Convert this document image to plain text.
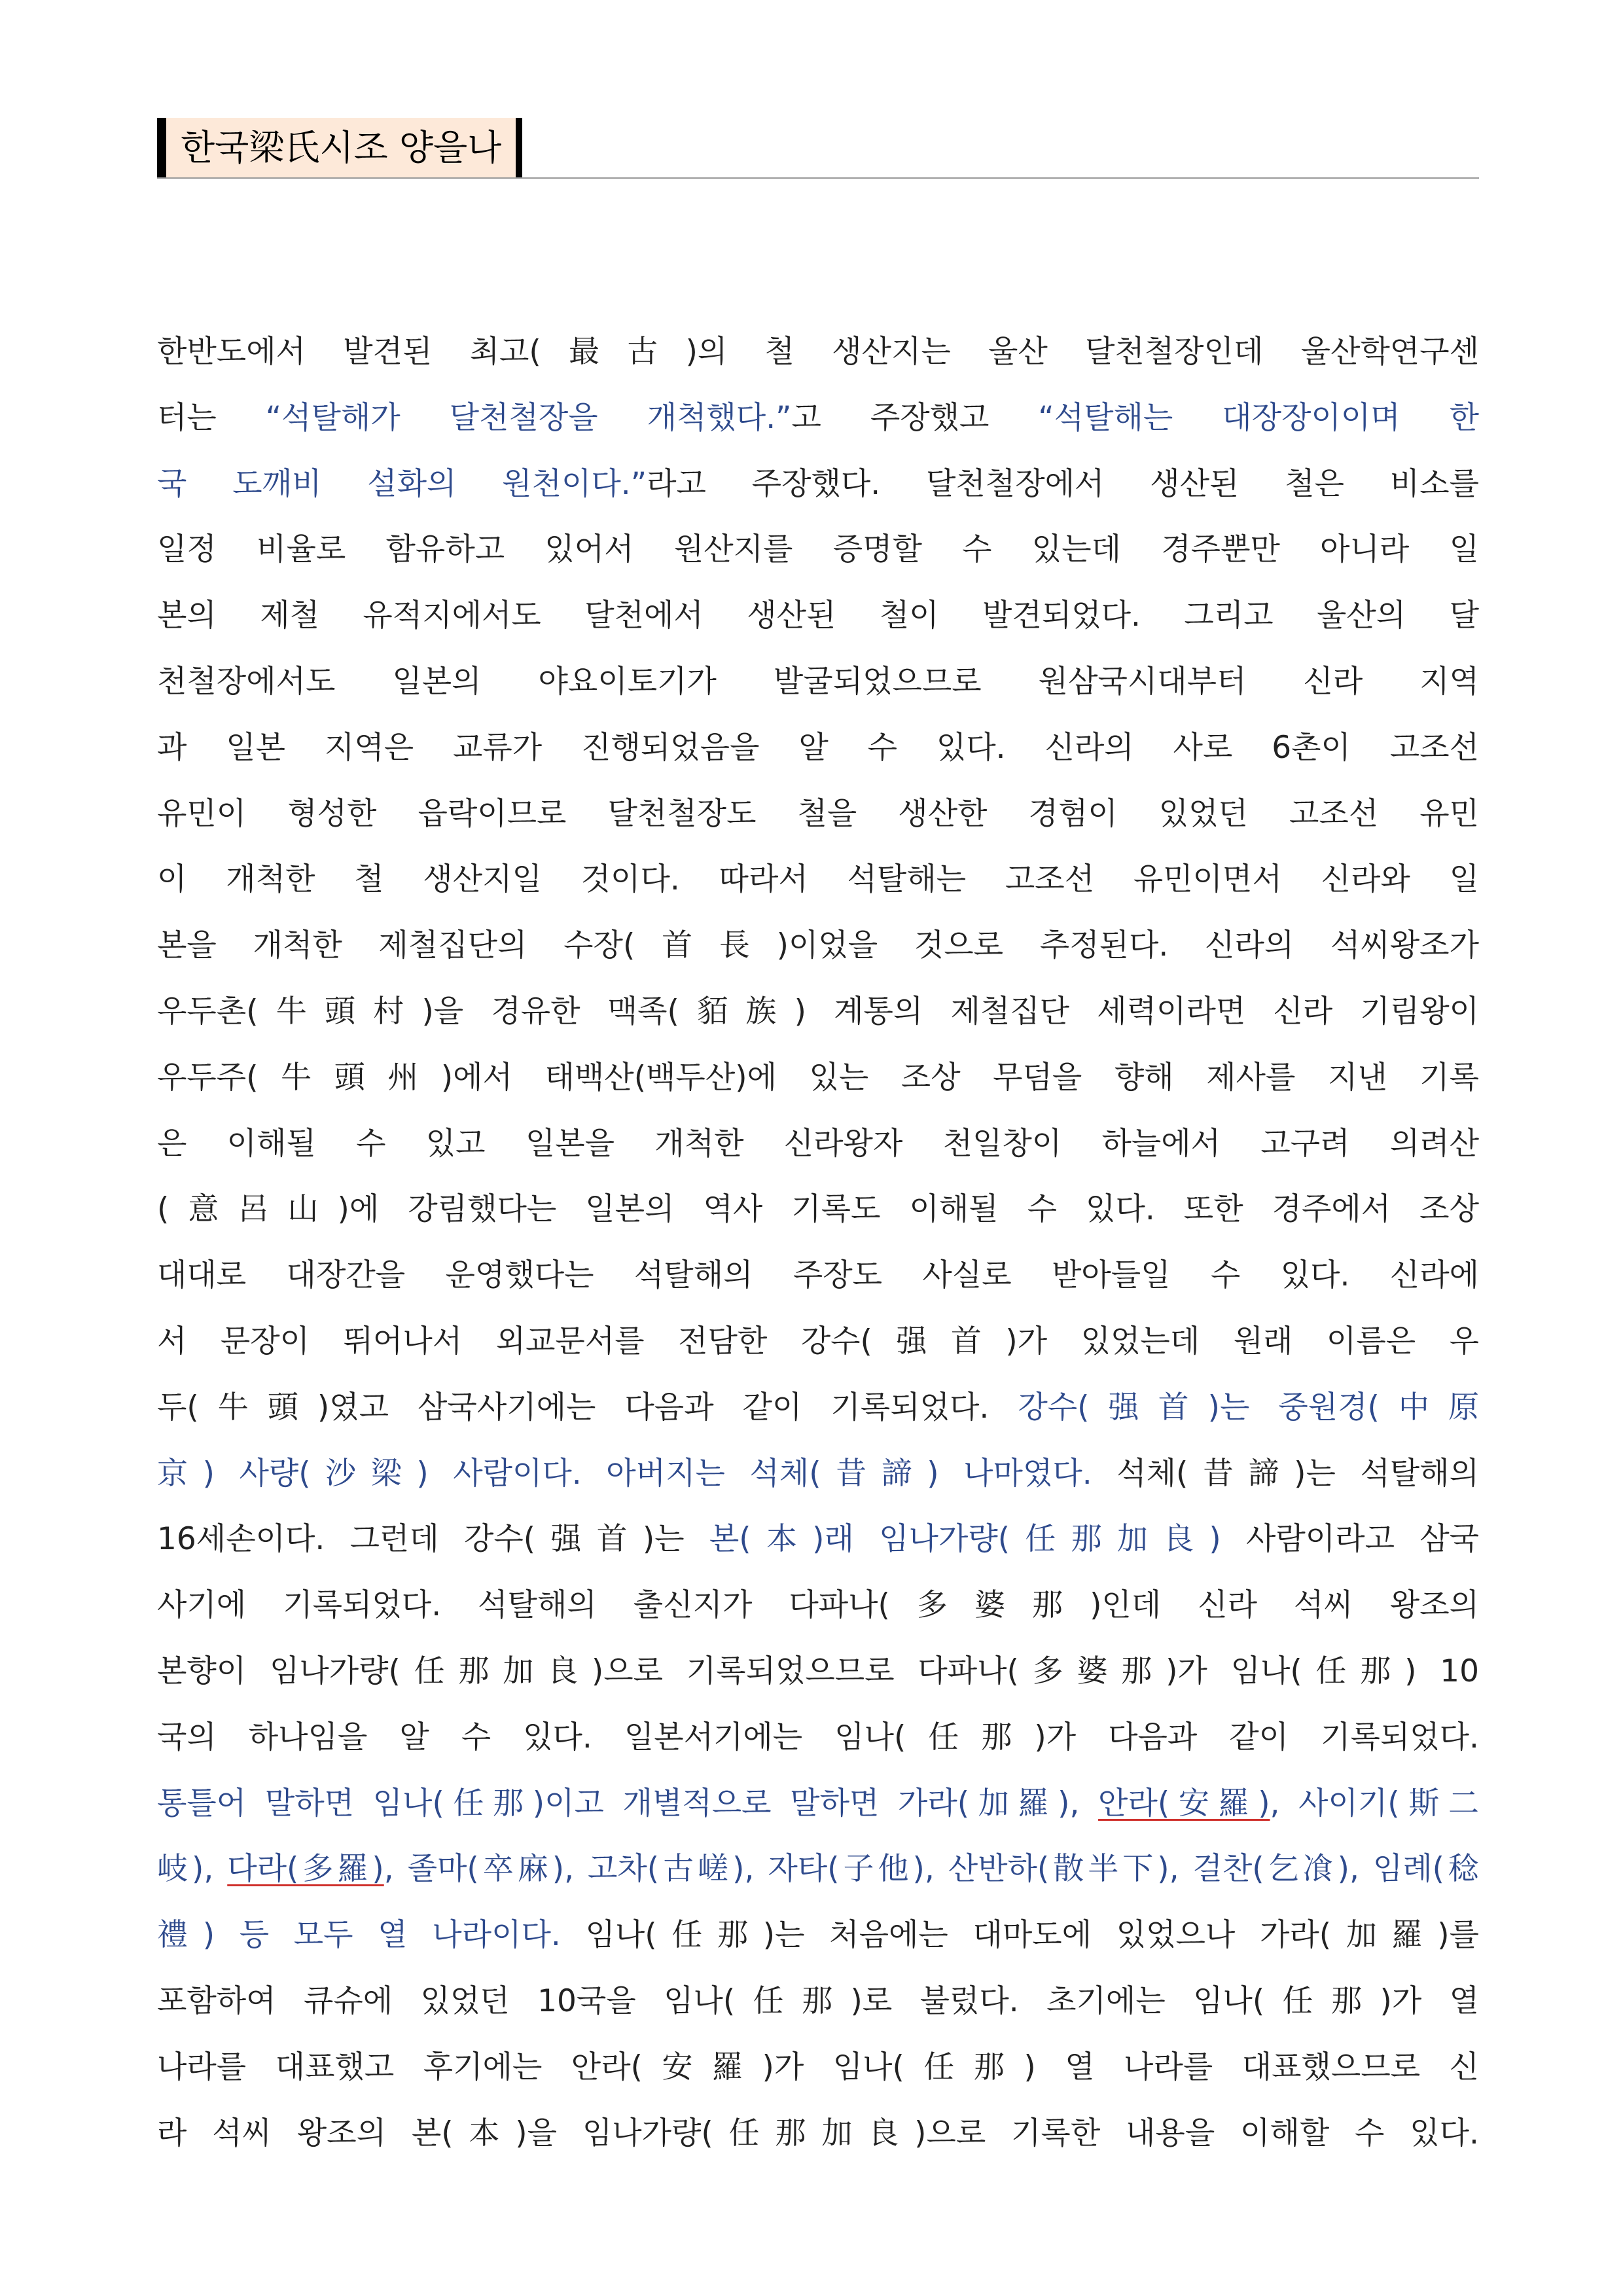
한국梁氏시조 양을나
한반도에서 발견된 최고(最古)의 철 생산지는 울산 달천철장인데 울산학연구센
터는 “석탈해가 달천철장을 개척했다.”고 주장했고 “석탈해는 대장장이이며 한
국 도깨비 설화의 원천이다.”라고 주장했다. 달천철장에서 생산된 철은 비소를
일정 비율로 함유하고 있어서 원산지를 증명할 수 있는데 경주뿐만 아니라 일
본의 제철 유적지에서도 달천에서 생산된 철이 발견되었다. 그리고 울산의 달
천철장에서도 일본의 야요이토기가 발굴되었으므로 원삼국시대부터 신라 지역
과 일본 지역은 교류가 진행되었음을 알 수 있다. 신라의 사로 6촌이 고조선
유민이 형성한 읍락이므로 달천철장도 철을 생산한 경험이 있었던 고조선 유민
이 개척한 철 생산지일 것이다. 따라서 석탈해는 고조선 유민이면서 신라와 일
본을 개척한 제철집단의 수장(首長)이었을 것으로 추정된다. 신라의 석씨왕조가
우두촌(牛頭村)을 경유한 맥족(貊族) 계통의 제철집단 세력이라면 신라 기림왕이
우두주(牛頭州)에서 태백산(백두산)에 있는 조상 무덤을 향해 제사를 지낸 기록
은 이해될 수 있고 일본을 개척한 신라왕자 천일창이 하늘에서 고구려 의려산
(意呂山)에 강림했다는 일본의 역사 기록도 이해될 수 있다. 또한 경주에서 조상
대대로 대장간을 운영했다는 석탈해의 주장도 사실로 받아들일 수 있다. 신라에
서 문장이 뛰어나서 외교문서를 전담한 강수(强首)가 있었는데 원래 이름은 우
두(牛頭)였고 삼국사기에는 다음과 같이 기록되었다. 강수(强首)는 중원경(中原
京) 사량(沙梁) 사람이다. 아버지는 석체(昔諦) 나마였다. 석체(昔諦)는 석탈해의
16세손이다. 그런데 강수(强首)는 본(本)래 임나가량(任那加良) 사람이라고 삼국
사기에 기록되었다. 석탈해의 출신지가 다파나(多婆那)인데 신라 석씨 왕조의
본향이 임나가량(任那加良)으로 기록되었으므로 다파나(多婆那)가 임나(任那) 10
국의 하나임을 알 수 있다. 일본서기에는 임나(任那)가 다음과 같이 기록되었다.
통틀어 말하면 임나(任那)이고 개별적으로 말하면 가라(加羅), 안라(安羅), 사이기(斯二
岐), 다라(多羅), 졸마(卒麻), 고차(古嵯), 자타(子他), 산반하(散半下), 걸찬(乞飡), 임례(稔
禮) 등 모두 열 나라이다. 임나(任那)는 처음에는 대마도에 있었으나 가라(加羅)를
포함하여 큐슈에 있었던 10국을 임나(任那)로 불렀다. 초기에는 임나(任那)가 열
나라를 대표했고 후기에는 안라(安羅)가 임나(任那) 열 나라를 대표했으므로 신
라 석씨 왕조의 본(本)을 임나가량(任那加良)으로 기록한 내용을 이해할 수 있다.
